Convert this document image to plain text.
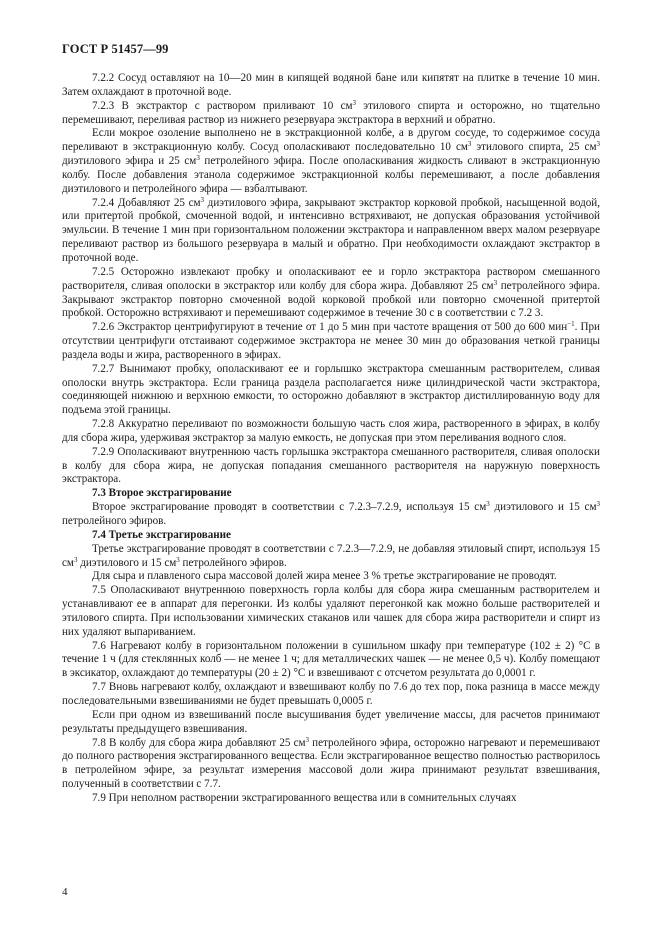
ГОСТ Р 51457—99

7.2.2 Сосуд оставляют на 10—20 мин в кипящей водяной бане или кипятят на плитке в течение 10 мин. Затем охлаждают в проточной воде.

7.2.3 В экстрактор с раствором приливают 10 $см^3$ этилового спирта и осторожно, но тщательно перемешивают, переливая раствор из нижнего резервуара экстрактора в верхний и обратно.

Если мокрое озоление выполнено не в экстракционной колбе, а в другом сосуде, то содержимое сосуда переливают в экстракционную колбу. Сосуд ополаскивают последовательно 10 $см^3$ этилового спирта, 25 $см^3$ диэтилового эфира и 25 $см^3$ петролейного эфира. После ополаскивания жидкость сливают в экстракционную колбу. После добавления этанола содержимое экстракционной колбы перемешивают, а после добавления диэтилового и петролейного эфира — взбалтывают.

7.2.4 Добавляют 25 $см^3$ диэтилового эфира, закрывают экстрактор корковой пробкой, насыщенной водой, или притертой пробкой, смоченной водой, и интенсивно встряхивают, не допуская образования устойчивой эмульсии. В течение 1 мин при горизонтальном положении экстрактора и направленном вверх малом резервуаре переливают раствор из большого резервуара в малый и обратно. При необходимости охлаждают экстрактор в проточной воде.

7.2.5 Осторожно извлекают пробку и ополаскивают ее и горло экстрактора раствором смешанного растворителя, сливая ополоски в экстрактор или колбу для сбора жира. Добавляют 25 $см^3$ петролейного эфира. Закрывают экстрактор повторно смоченной водой корковой пробкой или повторно смоченной притертой пробкой. Осторожно встряхивают и перемешивают содержимое в течение 30 с в соответствии с 7.2 3.

7.2.6 Экстрактор центрифугируют в течение от 1 до 5 мин при частоте вращения от 500 до 600 мин$^{-1}$. При отсутствии центрифуги отстаивают содержимое экстрактора не менее 30 мин до образования четкой границы раздела воды и жира, растворенного в эфирах.

7.2.7 Вынимают пробку, ополаскивают ее и горлышко экстрактора смешанным растворителем, сливая ополоски внутрь экстрактора. Если граница раздела располагается ниже цилиндрической части экстрактора, соединяющей нижнюю и верхнюю емкости, то осторожно добавляют в экстрактор дистиллированную воду для подъема этой границы.

7.2.8 Аккуратно переливают по возможности большую часть слоя жира, растворенного в эфирах, в колбу для сбора жира, удерживая экстрактор за малую емкость, не допуская при этом переливания водного слоя.

7.2.9 Ополаскивают внутреннюю часть горлышка экстрактора смешанного растворителя, сливая ополоски в колбу для сбора жира, не допуская попадания смешанного растворителя на наружную поверхность экстрактора.

7.3 Второе экстрагирование

Второе экстрагирование проводят в соответствии с 7.2.3–7.2.9, используя 15 $см^3$ диэтилового и 15 $см^3$ петролейного эфиров.

7.4 Третье экстрагирование

Третье экстрагирование проводят в соответствии с 7.2.3—7.2.9, не добавляя этиловый спирт, используя 15 $см^3$ диэтилового и 15 $см^3$ петролейного эфиров.

Для сыра и плавленого сыра массовой долей жира менее 3 % третье экстрагирование не проводят.

7.5 Ополаскивают внутреннюю поверхность горла колбы для сбора жира смешанным растворителем и устанавливают ее в аппарат для перегонки. Из колбы удаляют перегонкой как можно больше растворителей и этилового спирта. При использовании химических стаканов или чашек для сбора жира растворители и спирт из них удаляют выпариванием.

7.6 Нагревают колбу в горизонтальном положении в сушильном шкафу при температуре (102 ± 2) °С в течение 1 ч (для стеклянных колб — не менее 1 ч; для металлических чашек — не менее 0,5 ч). Колбу помещают в эксикатор, охлаждают до температуры (20 ± 2) °С и взвешивают с отсчетом результата до 0,0001 г.

7.7 Вновь нагревают колбу, охлаждают и взвешивают колбу по 7.6 до тех пор, пока разница в массе между последовательными взвешиваниями не будет превышать 0,0005 г.

Если при одном из взвешиваний после высушивания будет увеличение массы, для расчетов принимают результаты предыдущего взвешивания.

7.8 В колбу для сбора жира добавляют 25 $см^3$ петролейного эфира, осторожно нагревают и перемешивают до полного растворения экстрагированного вещества. Если экстрагированное вещество полностью растворилось в петролейном эфире, за результат измерения массовой доли жира принимают результат взвешивания, полученный в соответствии с 7.7.

7.9 При неполном растворении экстрагированного вещества или в сомнительных случаях

4
